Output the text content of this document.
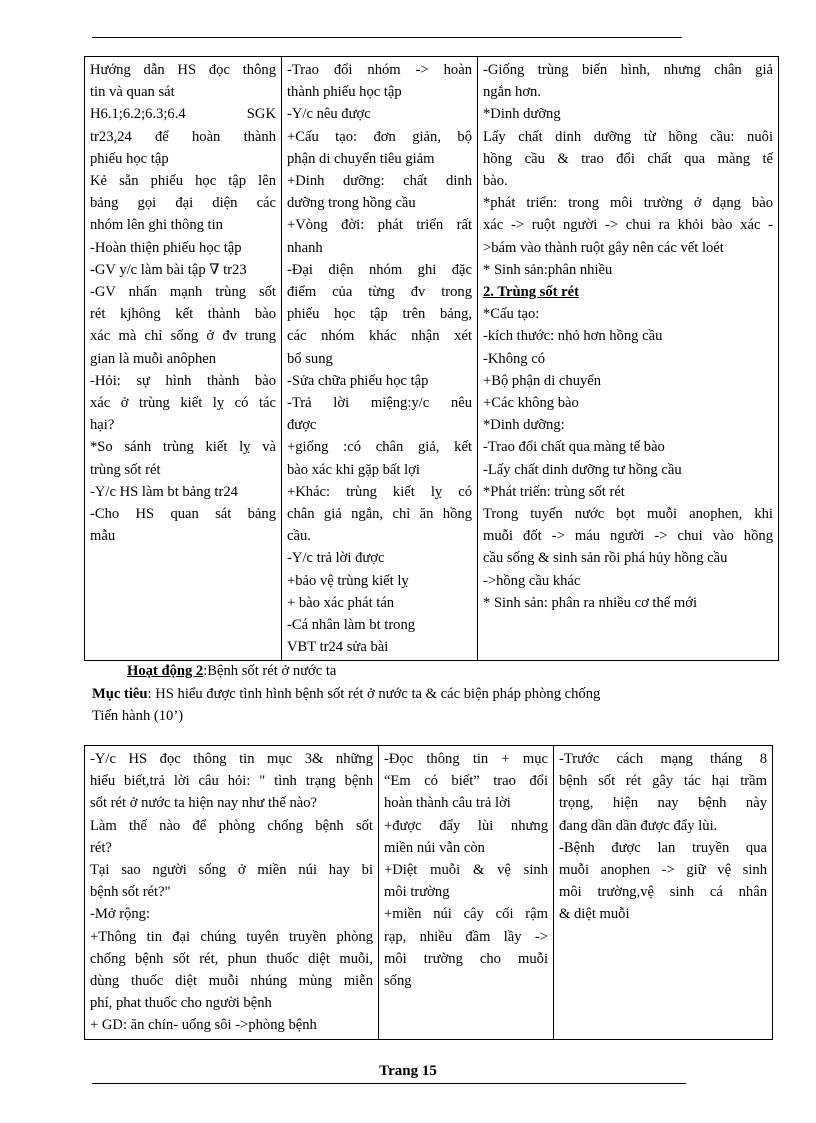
Hướng dẫn HS đọc thông
tin và quan sát
H6.1;6.2;6.3;6.4 SGK
tr23,24 để hoàn thành
phiếu học tập
Kẻ sẵn phiếu học tập lên
bảng gọi đại diện các
nhóm lên ghi thông tin
-Hoàn thiện phiếu học tập
-GV y/c làm bài tập ∇ tr23
-GV nhấn mạnh trùng sốt
rét kjhông kết thành bào
xác mà chỉ sống ở đv trung
gian là muỗi anôphen
-Hỏi: sự hình thành bào
xác ở trùng kiết lỵ có tác
hại?
*So sánh trùng kiết lỵ và
trùng sốt rét
-Y/c HS làm bt bảng tr24
-Cho HS quan sát bảng
mẫu

-Trao đổi nhóm -> hoàn
thành phiếu học tập
-Y/c nêu được
+Cấu tạo: đơn giản, bộ
phận di chuyển tiêu giảm
+Dinh dưỡng: chất dinh
dưỡng trong hồng cầu
+Vòng đời: phát triển rất
nhanh
-Đại diện nhóm ghi đặc
điểm của từng đv trong
phiếu học tập trên bảng,
các nhóm khác nhận xét
bổ sung
-Sửa chữa phiếu học tập
-Trả lời miệng:y/c nêu
được
+giống :có chân giả, kết
bào xác khi gặp bất lợi
+Khác: trùng kiết lỵ có
chân giả ngắn, chỉ ăn hồng
cầu.
-Y/c trả lời được
+bảo vệ trùng kiết lỵ
+ bào xác phát tán
-Cá nhân làm bt trong
VBT tr24 sửa bài

-Giống trùng biến hình, nhưng chân giả
ngắn hơn.
*Dinh dưỡng
Lấy chất dinh dưỡng từ hồng cầu: nuôi
hồng cầu & trao đổi chất qua màng tế
bào.
*phát triển: trong môi trường ở dạng bào
xác -> ruột người -> chui ra khỏi bào xác -
>bám vào thành ruột gây nên các vết loét
* Sinh sản:phân nhiều
2. Trùng sốt rét
*Cấu tạo:
-kích thước: nhỏ hơn hồng cầu
-Không có
+Bộ phận di chuyển
+Các không bào
*Dinh dưỡng:
-Trao đổi chất qua màng tế bào
-Lấy chất dinh dưỡng tư hồng cầu
*Phát triển: trùng sốt rét
Trong tuyến nước bọt muỗi anophen, khi
muỗi đốt -> máu người -> chui vào hồng
cầu sống & sinh sản rồi phá hủy hồng cầu
->hồng cầu khác
* Sinh sản: phân ra nhiều cơ thể mới
Hoạt động 2:Bệnh sốt rét ở nước ta
Mục tiêu: HS hiểu được tình hình bệnh sốt rét ở nước ta & các biện pháp phòng chống
Tiến hành (10’)
-Y/c HS đọc thông tin mục 3& những
hiểu biết,trả lời câu hỏi: " tình trạng bệnh
sốt rét ở nước ta hiện nay như thế nào?
Làm thế nào để phòng chống bệnh sốt
rét?
Tại sao người sống ở miền núi hay bi
bệnh sốt rét?"
-Mở rộng:
+Thông tin đại chúng tuyên truyền phòng
chống bệnh sốt rét, phun thuốc diệt muỗi,
dùng thuốc diệt muỗi nhúng mùng miễn
phí, phat thuốc cho người bệnh
+ GD: ăn chín- uống sôi ->phòng bệnh

-Đọc thông tin + mục
“Em có biết” trao đổi
hoàn thành câu trả lời
+được đẩy lùi nhưng
miền núi vẫn còn
+Diệt muỗi & vệ sinh
môi trường
+miền núi cây cối rậm
rạp, nhiều đầm lầy ->
môi trường cho muỗi
sống

-Trước cách mạng tháng 8
bệnh sốt rét gây tác hại trầm
trọng, hiện nay bệnh này
đang dần dần được đẩy lùi.
-Bệnh được lan truyền qua
muỗi anophen -> giữ vệ sinh
môi trường,vệ sinh cá nhân
& diệt muỗi
Trang 15
